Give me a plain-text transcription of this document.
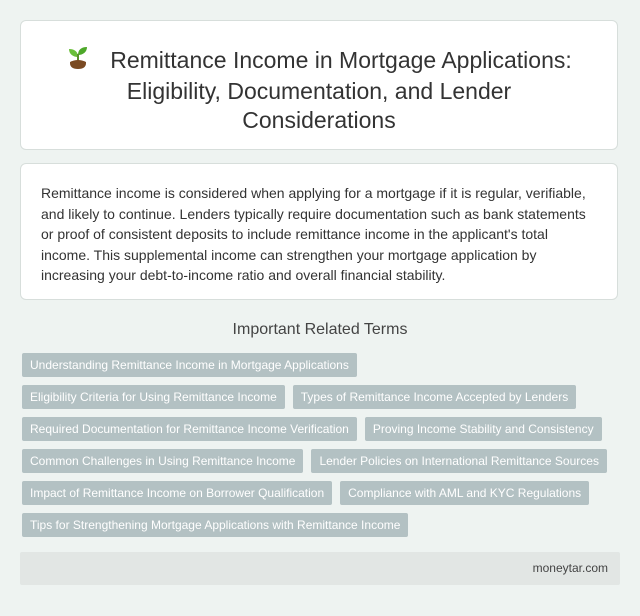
Remittance Income in Mortgage Applications: Eligibility, Documentation, and Lender Considerations

Remittance income is considered when applying for a mortgage if it is regular, verifiable, and likely to continue. Lenders typically require documentation such as bank statements or proof of consistent deposits to include remittance income in the applicant's total income. This supplemental income can strengthen your mortgage application by increasing your debt-to-income ratio and overall financial stability.

Important Related Terms
Understanding Remittance Income in Mortgage Applications
Eligibility Criteria for Using Remittance Income	Types of Remittance Income Accepted by Lenders
Required Documentation for Remittance Income Verification	Proving Income Stability and Consistency
Common Challenges in Using Remittance Income	Lender Policies on International Remittance Sources
Impact of Remittance Income on Borrower Qualification	Compliance with AML and KYC Regulations
Tips for Strengthening Mortgage Applications with Remittance Income
moneytar.com
